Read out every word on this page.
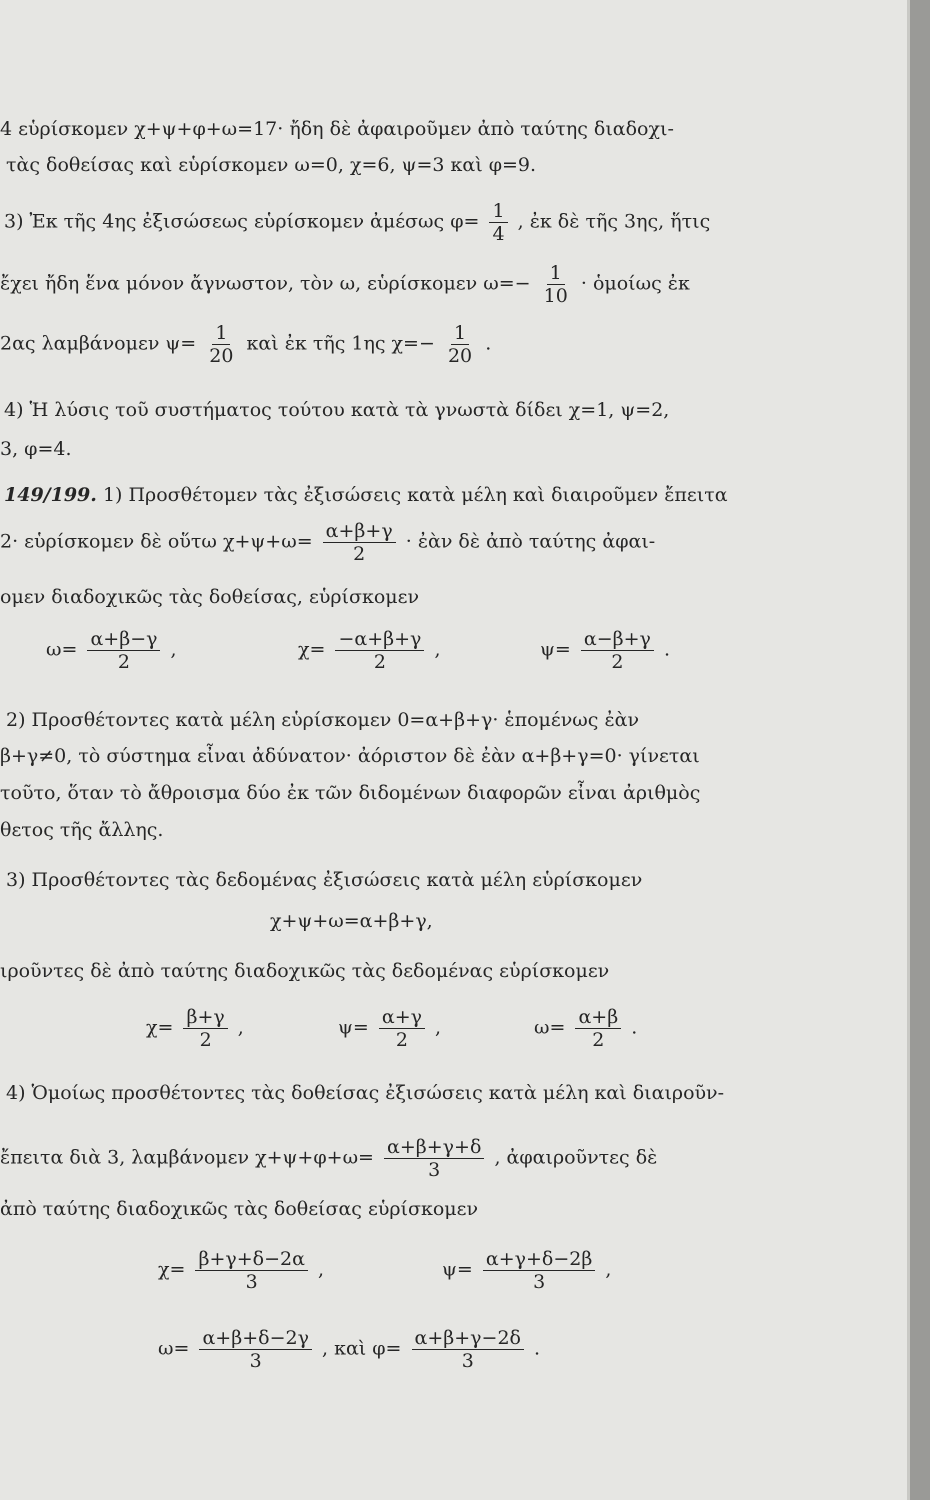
4 εὑρίσκομεν χ+ψ+φ+ω=17· ἤδη δὲ ἀφαιροῦμεν ἀπὸ ταύτης διαδοχι-
τὰς δοθείσας καὶ εὑρίσκομεν ω=0, χ=6, ψ=3 καὶ φ=9.
3) Ἐκ τῆς 4ης ἐξισώσεως εὑρίσκομεν ἀμέσως $\varphi= \frac{1}{4}$ , ἐκ δὲ τῆς 3ης, ἥτις
ἔχει ἤδη ἕνα μόνον ἄγνωστον, τὸν ω, εὑρίσκομεν $\omega=- \frac{1}{10}$ · ὁμοίως ἐκ
2ας λαμβάνομεν $\psi= \frac{1}{20}$ καὶ ἐκ τῆς 1ης $\chi=- \frac{1}{20}$ .
4) Ἡ λύσις τοῦ συστήματος τούτου κατὰ τὰ γνωστὰ δίδει χ=1, ψ=2,
3, φ=4.
149/199. 1) Προσθέτομεν τὰς ἐξισώσεις κατὰ μέλη καὶ διαιροῦμεν ἔπειτα
2· εὑρίσκομεν δὲ οὕτω $\chi+\psi+\omega= \frac{\alpha+\beta+\gamma}{2}$ · ἐὰν δὲ ἀπὸ ταύτης ἀφαι-
ομεν διαδοχικῶς τὰς δοθείσας, εὑρίσκομεν
$\omega= \frac{\alpha+\beta-\gamma}{2}$ ,	$\chi= \frac{-\alpha+\beta+\gamma}{2}$ ,	$\psi= \frac{\alpha-\beta+\gamma}{2}$ .
2) Προσθέτοντες κατὰ μέλη εὑρίσκομεν 0=α+β+γ· ἑπομένως ἐὰν
β+γ≠0, τὸ σύστημα εἶναι ἀδύνατον· ἀόριστον δὲ ἐὰν α+β+γ=0· γίνεται
τοῦτο, ὅταν τὸ ἄθροισμα δύο ἐκ τῶν διδομένων διαφορῶν εἶναι ἀριθμὸς
θετος τῆς ἄλλης.
3) Προσθέτοντες τὰς δεδομένας ἐξισώσεις κατὰ μέλη εὑρίσκομεν
χ+ψ+ω=α+β+γ,
ιροῦντες δὲ ἀπὸ ταύτης διαδοχικῶς τὰς δεδομένας εὑρίσκομεν
$\chi= \frac{\beta+\gamma}{2}$ ,	$\psi= \frac{\alpha+\gamma}{2}$ ,	$\omega= \frac{\alpha+\beta}{2}$ .
4) Ὁμοίως προσθέτοντες τὰς δοθείσας ἐξισώσεις κατὰ μέλη καὶ διαιροῦν-
ἔπειτα διὰ 3, λαμβάνομεν $\chi+\psi+\varphi+\omega= \frac{\alpha+\beta+\gamma+\delta}{3}$ , ἀφαιροῦντες δὲ
ἀπὸ ταύτης διαδοχικῶς τὰς δοθείσας εὑρίσκομεν
$\chi= \frac{\beta+\gamma+\delta-2\alpha}{3}$ ,	$\psi= \frac{\alpha+\gamma+\delta-2\beta}{3}$ ,
$\omega= \frac{\alpha+\beta+\delta-2\gamma}{3}$ , καὶ $\varphi= \frac{\alpha+\beta+\gamma-2\delta}{3}$ .
